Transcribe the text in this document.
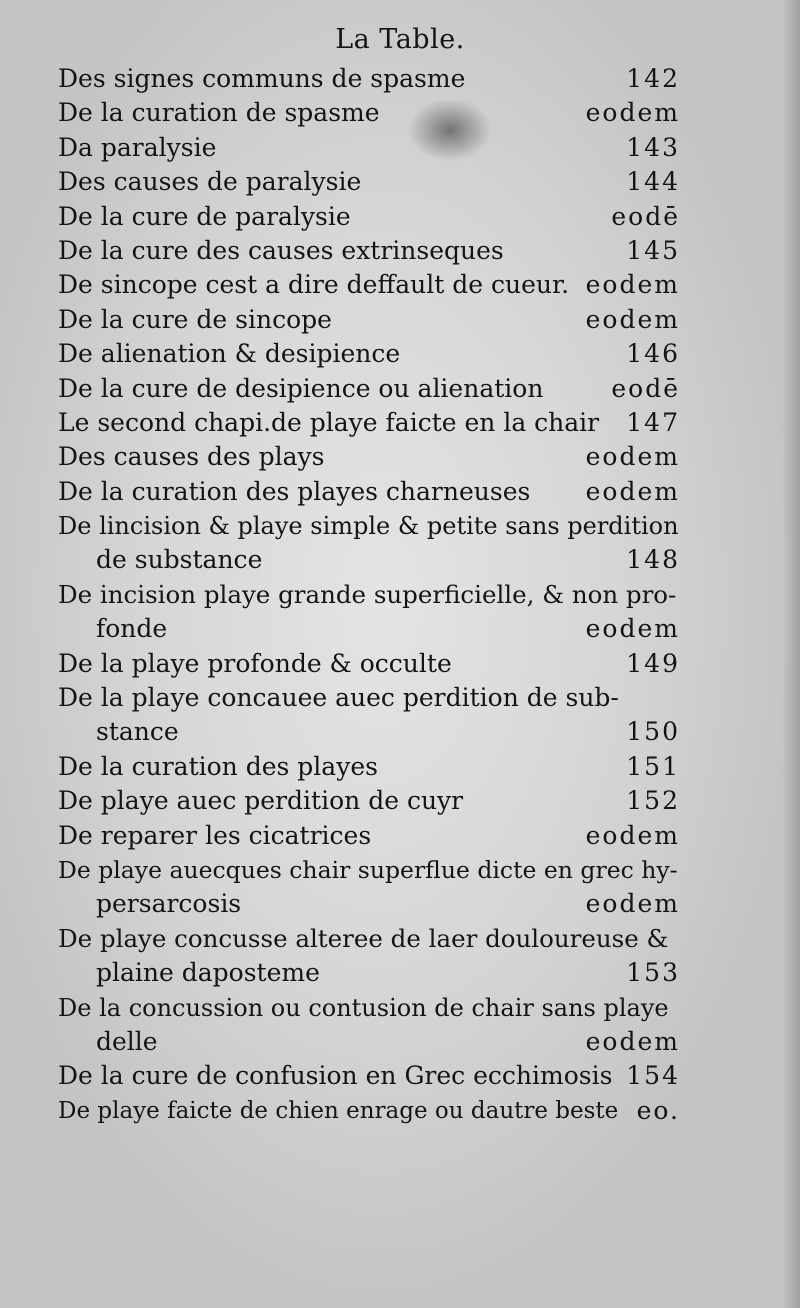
La Table.
Des signes communs de spasme	142
De la curation de spasme	eodem
Da paralysie	143
Des causes de paralysie	144
De la cure de paralysie	eodē
De la cure des causes extrinseques	145
De sincope cest a dire deffault de cueur. eodem
De la cure de sincope	eodem
De alienation & desipience	146
De la cure de desipience ou alienation	eodē
Le second chapi.de playe faicte en la chair 147
Des causes des plays	eodem
De la curation des playes charneuses eodem
De lincision & playe simple & petite sans perdition
de substance	148
De incision playe grande superficielle, & non pro-
fonde	eodem
De la playe profonde & occulte	149
De la playe concauee auec perdition de sub-
stance	150
De la curation des playes	151
De playe auec perdition de cuyr	152
De reparer les cicatrices	eodem
De playe auecques chair superflue dicte en grec hy-
persarcosis	eodem
De playe concusse alteree de laer douloureuse &
plaine daposteme	153
De la concussion ou contusion de chair sans playe
delle	eodem
De la cure de confusion en Grec ecchimosis 154
De playe faicte de chien enrage ou dautre beste eo.
